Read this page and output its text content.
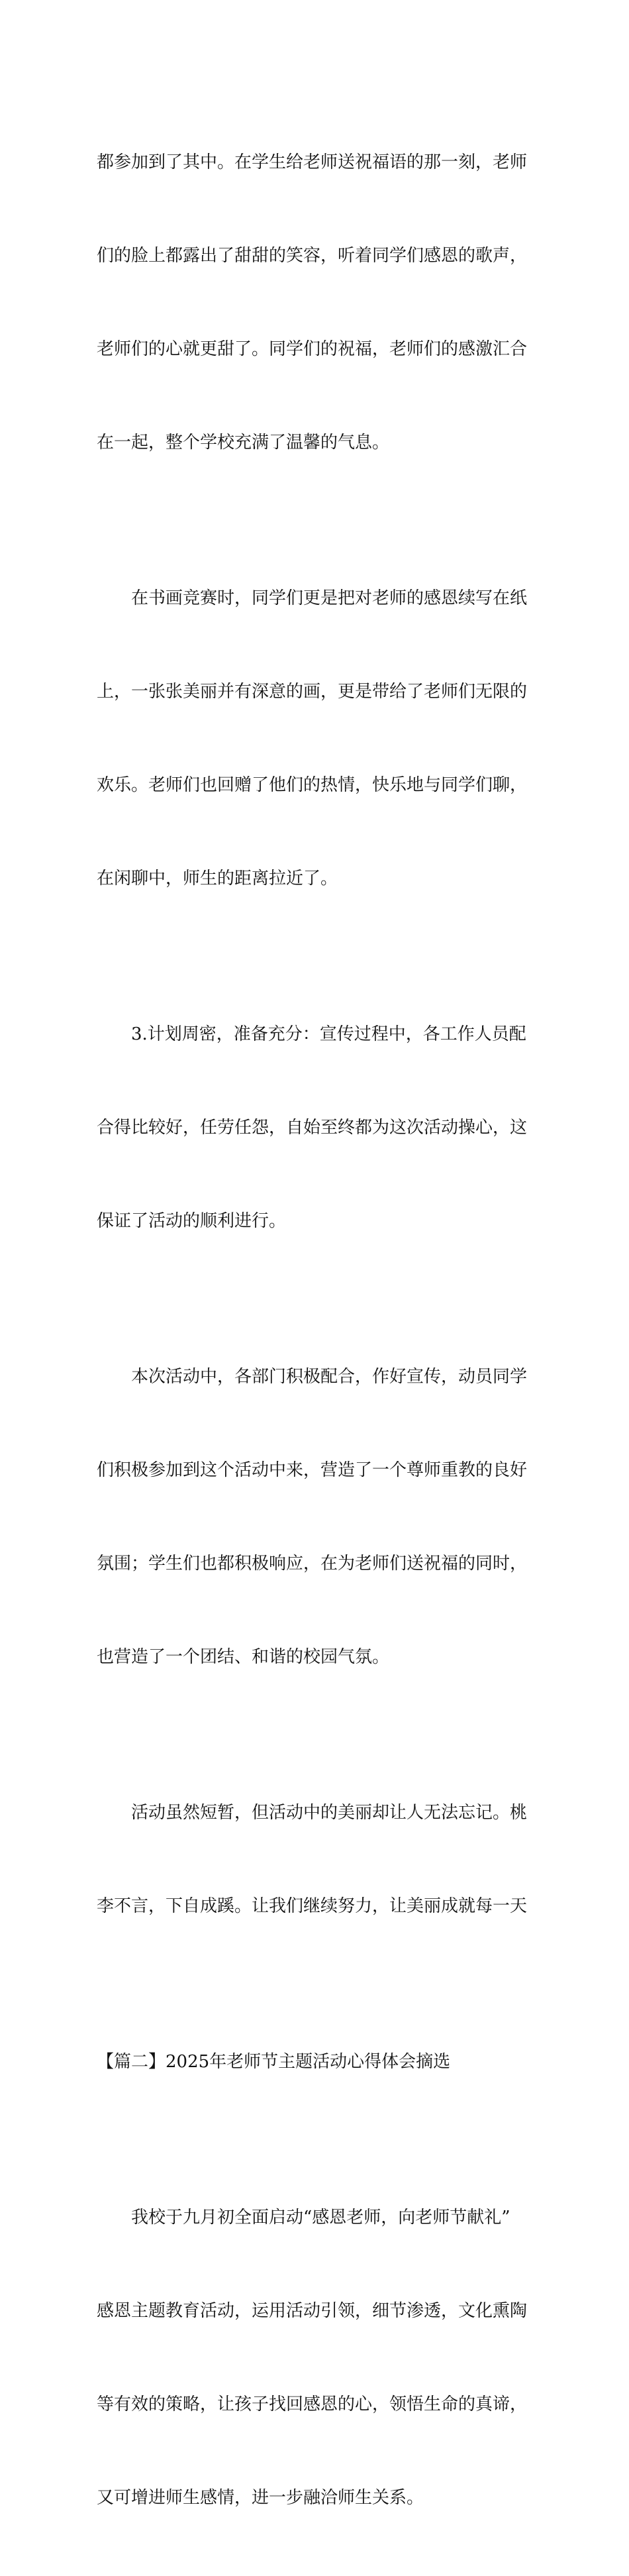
都参加到了其中。在学生给老师送祝福语的那一刻，老师

们的脸上都露出了甜甜的笑容，听着同学们感恩的歌声，

老师们的心就更甜了。同学们的祝福，老师们的感激汇合

在一起，整个学校充满了温馨的气息。

　　在书画竞赛时，同学们更是把对老师的感恩续写在纸

上，一张张美丽并有深意的画，更是带给了老师们无限的

欢乐。老师们也回赠了他们的热情，快乐地与同学们聊，

在闲聊中，师生的距离拉近了。

　　3.计划周密，准备充分：宣传过程中，各工作人员配

合得比较好，任劳任怨，自始至终都为这次活动操心，这

保证了活动的顺利进行。

　　本次活动中，各部门积极配合，作好宣传，动员同学

们积极参加到这个活动中来，营造了一个尊师重教的良好

氛围；学生们也都积极响应，在为老师们送祝福的同时，

也营造了一个团结、和谐的校园气氛。

　　活动虽然短暂，但活动中的美丽却让人无法忘记。桃

李不言，下自成蹊。让我们继续努力，让美丽成就每一天

【篇二】2025年老师节主题活动心得体会摘选

　　我校于九月初全面启动“感恩老师，向老师节献礼”

感恩主题教育活动，运用活动引领，细节渗透，文化熏陶

等有效的策略，让孩子找回感恩的心，领悟生命的真谛，

又可增进师生感情，进一步融洽师生关系。
